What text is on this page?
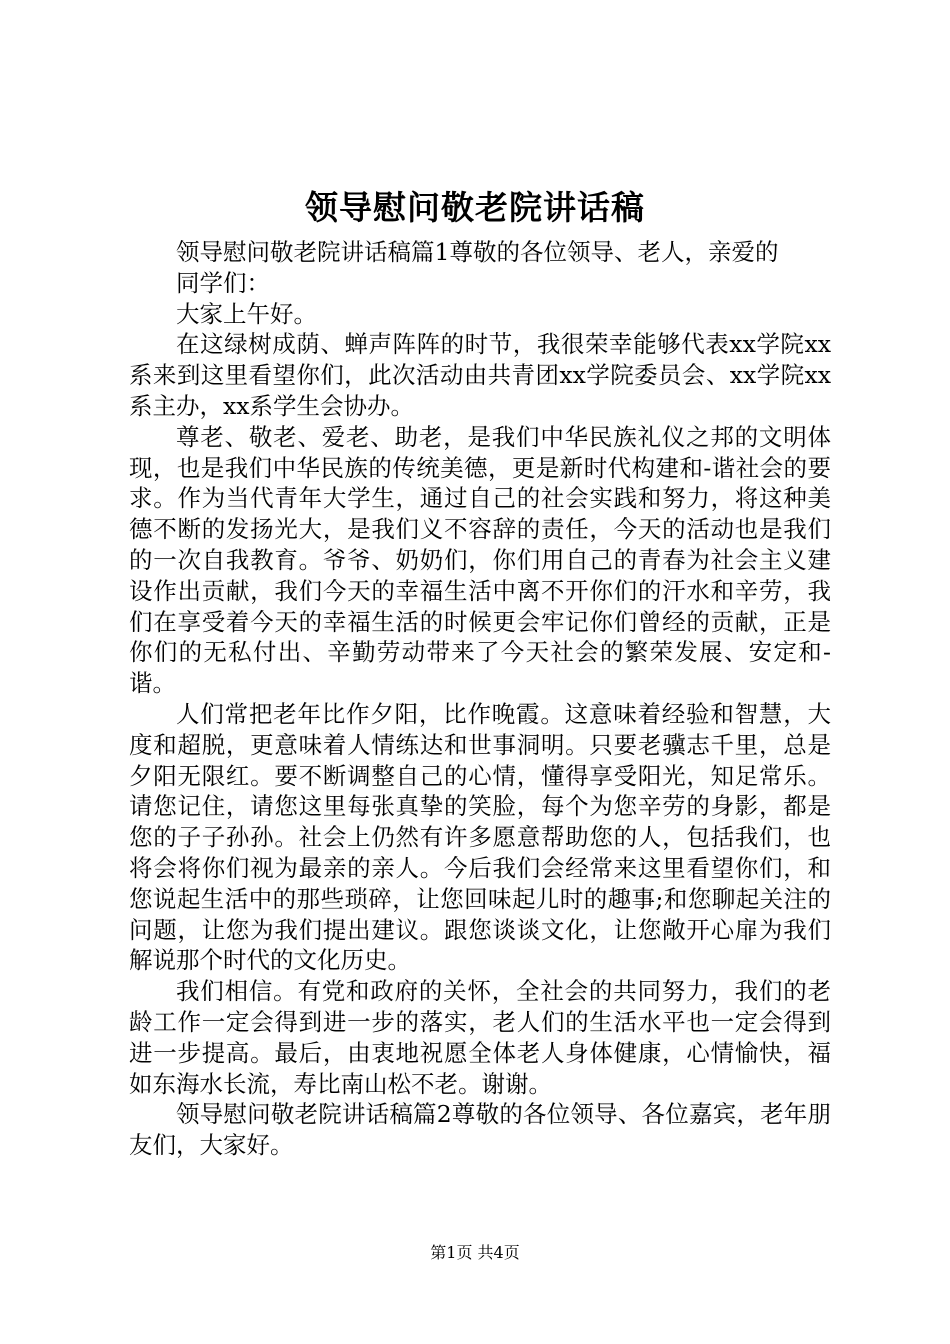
领导慰问敬老院讲话稿

领导慰问敬老院讲话稿篇1尊敬的各位领导、老人，亲爱的

同学们：

大家上午好。

在这绿树成荫、蝉声阵阵的时节，我很荣幸能够代表xx学院xx系来到这里看望你们，此次活动由共青团xx学院委员会、xx学院xx系主办，xx系学生会协办。

尊老、敬老、爱老、助老，是我们中华民族礼仪之邦的文明体现，也是我们中华民族的传统美德，更是新时代构建和-谐社会的要求。作为当代青年大学生，通过自己的社会实践和努力，将这种美德不断的发扬光大，是我们义不容辞的责任，今天的活动也是我们的一次自我教育。爷爷、奶奶们，你们用自己的青春为社会主义建设作出贡献，我们今天的幸福生活中离不开你们的汗水和辛劳，我们在享受着今天的幸福生活的时候更会牢记你们曾经的贡献，正是你们的无私付出、辛勤劳动带来了今天社会的繁荣发展、安定和-谐。

人们常把老年比作夕阳，比作晚霞。这意味着经验和智慧，大度和超脱，更意味着人情练达和世事洞明。只要老骥志千里，总是夕阳无限红。要不断调整自己的心情，懂得享受阳光，知足常乐。请您记住，请您这里每张真挚的笑脸，每个为您辛劳的身影，都是您的子子孙孙。社会上仍然有许多愿意帮助您的人，包括我们，也将会将你们视为最亲的亲人。今后我们会经常来这里看望你们，和您说起生活中的那些琐碎，让您回味起儿时的趣事;和您聊起关注的问题，让您为我们提出建议。跟您谈谈文化，让您敞开心扉为我们解说那个时代的文化历史。

我们相信。有党和政府的关怀，全社会的共同努力，我们的老龄工作一定会得到进一步的落实，老人们的生活水平也一定会得到进一步提高。最后，由衷地祝愿全体老人身体健康，心情愉快，福如东海水长流，寿比南山松不老。谢谢。

领导慰问敬老院讲话稿篇2尊敬的各位领导、各位嘉宾，老年朋友们，大家好。

第1页 共4页
